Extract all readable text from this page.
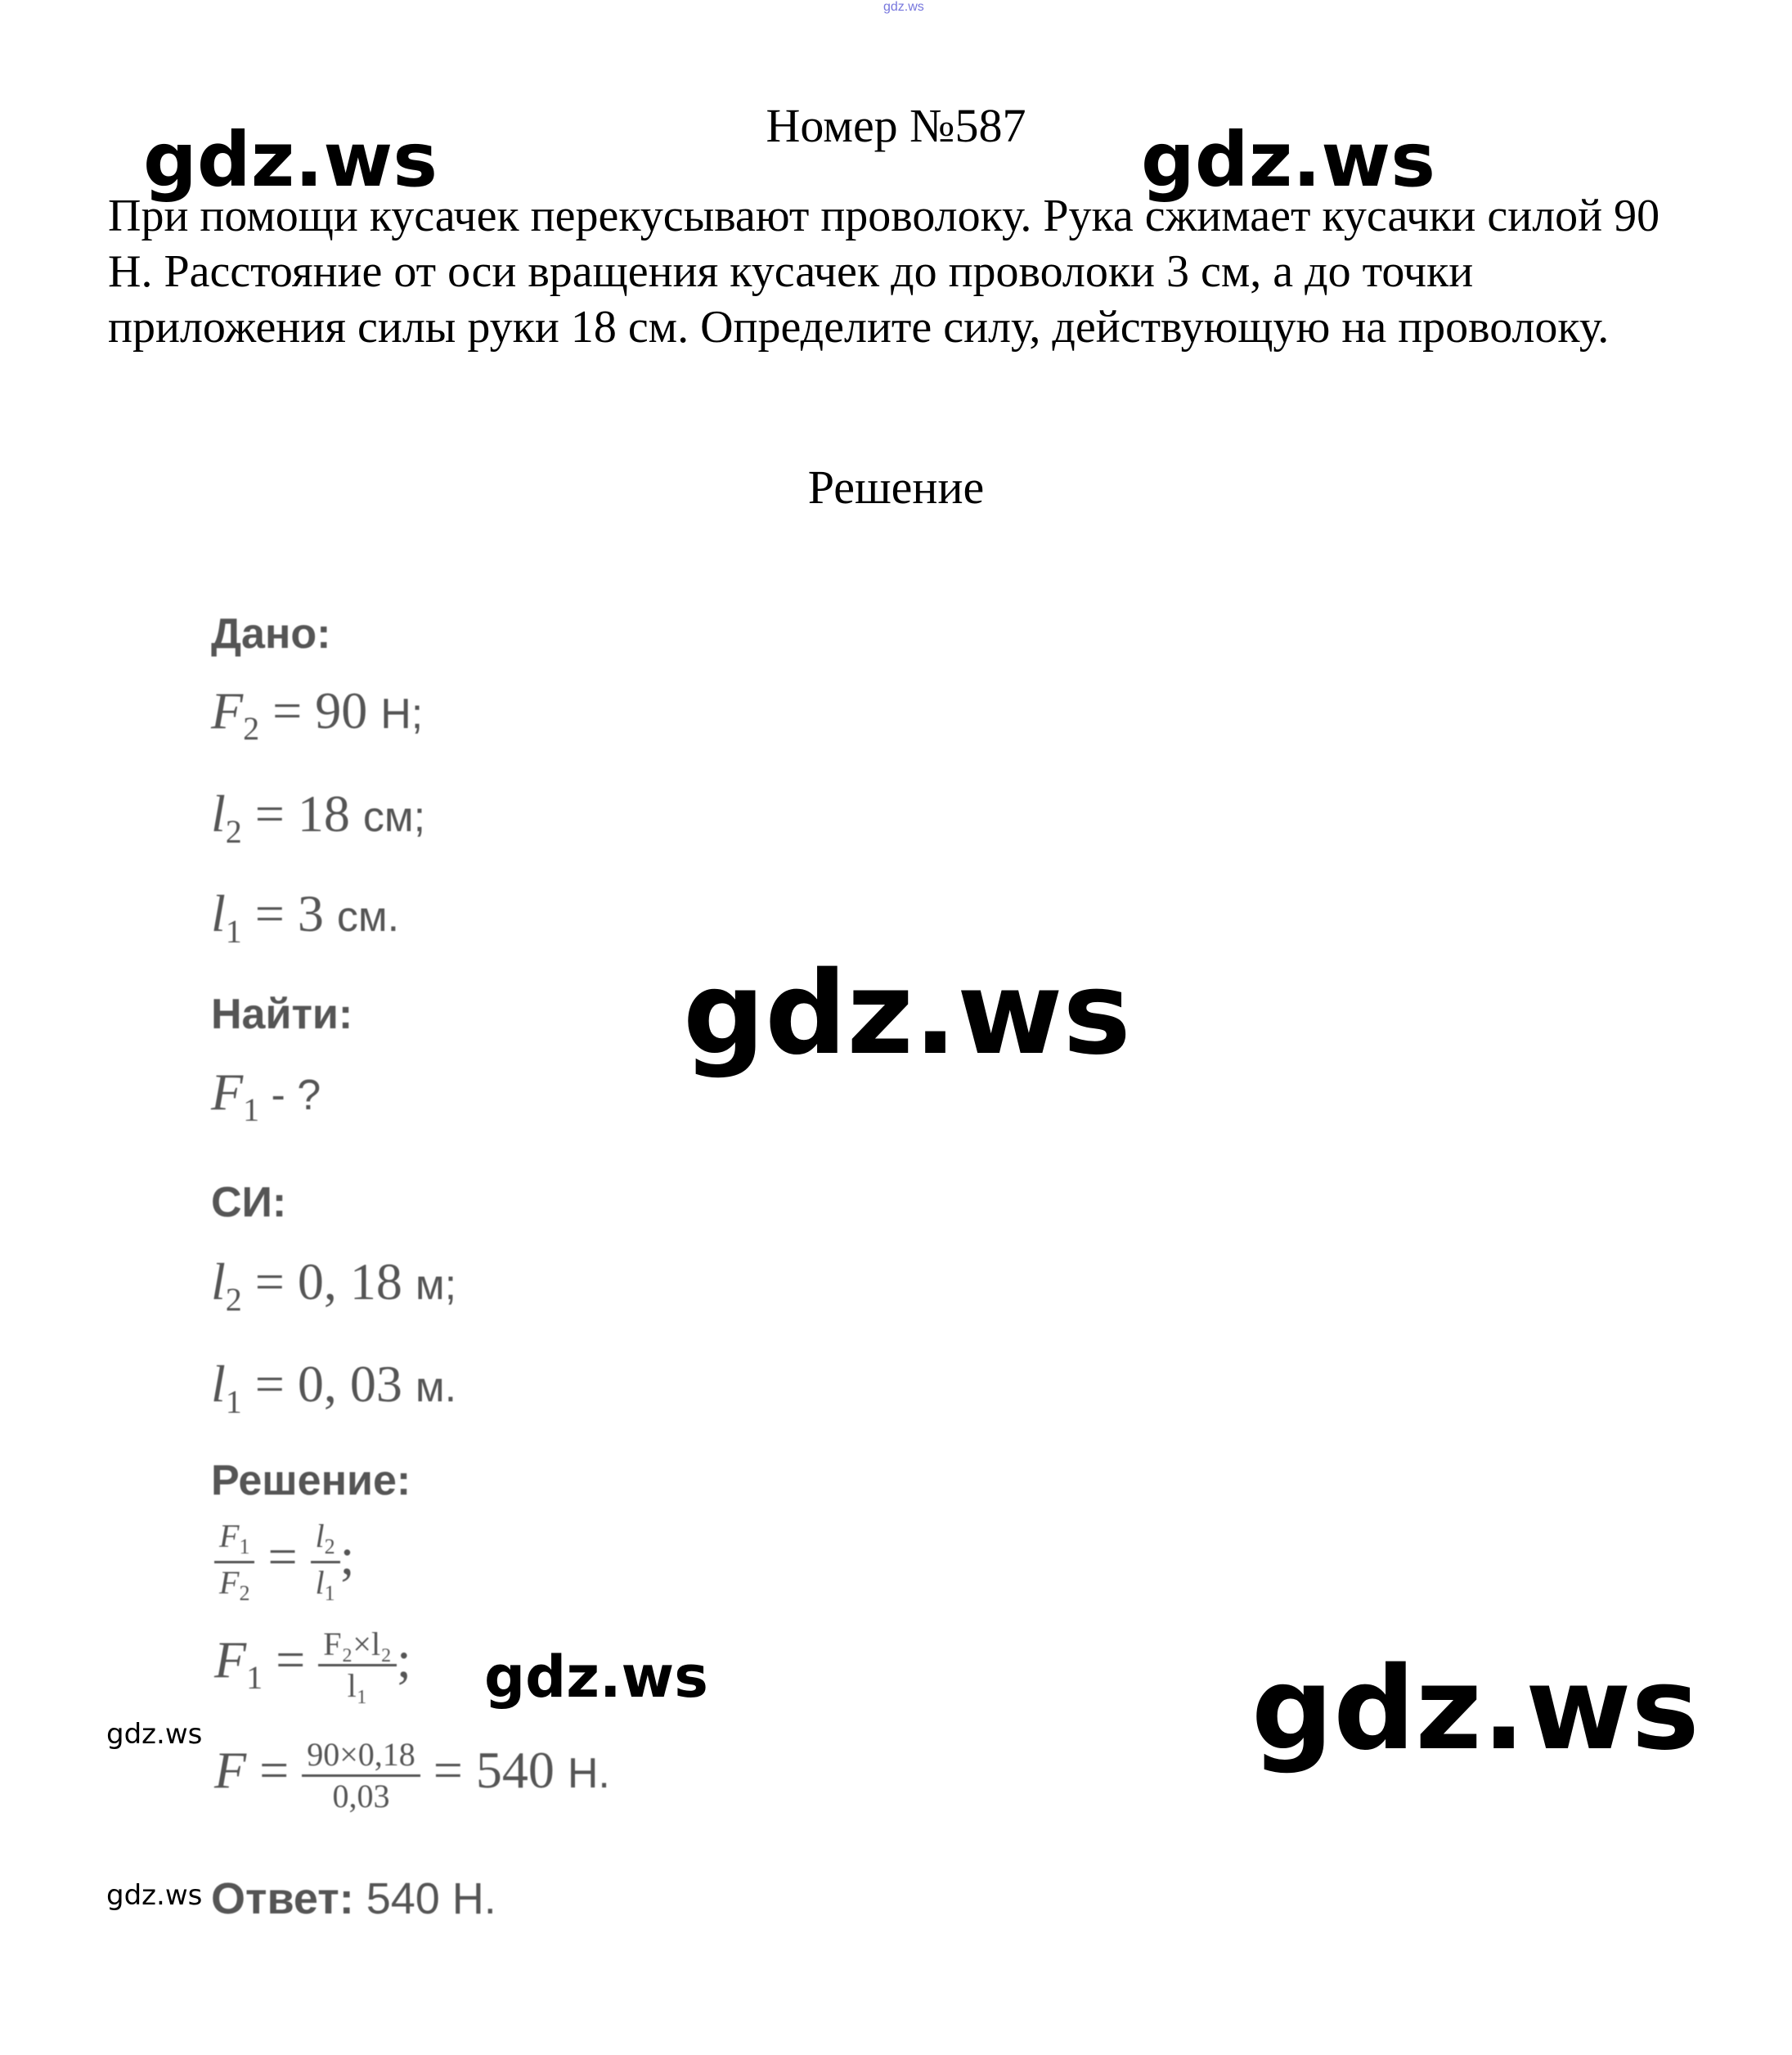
gdz.ws
gdz.ws	gdz.ws
gdz.ws
gdz.ws	gdz.ws
gdz.ws
gdz.ws
Номер №587
При помощи кусачек перекусывают проволоку. Рука сжимает кусачки силой 90 Н. Расстояние от оси вращения кусачек до проволоки 3 см, а до точки приложения силы руки 18 см. Определите силу, действующую на проволоку.
Решение
Дано:
$F_2 = 90$ Н;
$l_2 = 18$ см;
$l_1 = 3$ см.
Найти:
$F_1$ - ?
СИ:
$l_2 = 0$, 18 м;
$l_1 = 0$, 03 м.
Решение:
$\frac{F_1}{F_2} = \frac{l_2}{l_1}$ ;
$F_1 = \frac{\text{F₂×l₂}}{\text{l₁}}$ ;
$F = \frac{90\times 0,18}{0,03} = 540$ Н.
Ответ: 540 Н.
